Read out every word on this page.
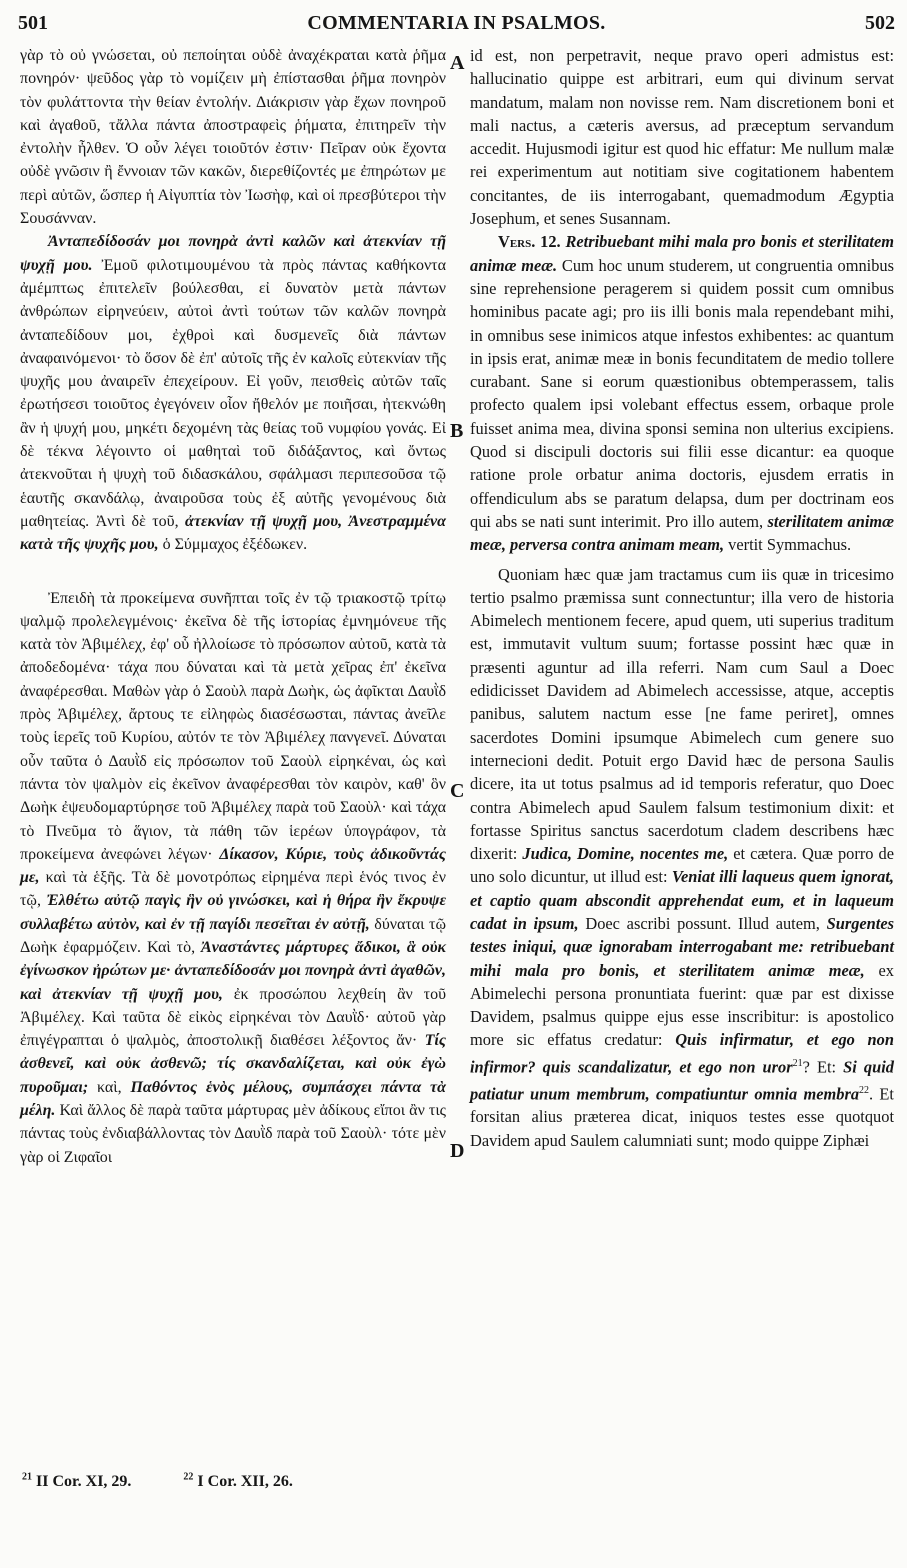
501	COMMENTARIA IN PSALMOS.	502

γὰρ τὸ οὐ γνώσεται, οὐ πεποίηται οὐδὲ ἀναχέκραται κατὰ ῥῆμα πονηρόν· ψεῦδος γὰρ τὸ νομίζειν μὴ ἐπίστασθαι ῥῆμα πονηρὸν τὸν φυλάττοντα τὴν θείαν ἐντολήν. Διάκρισιν γὰρ ἔχων πονηροῦ καὶ ἀγαθοῦ, τἄλλα πάντα ἀποστραφεὶς ῥήματα, ἐπιτηρεῖν τὴν ἐντολὴν ἦλθεν. Ὁ οὖν λέγει τοιοῦτόν ἐστιν· Πεῖραν οὐκ ἔχοντα οὐδὲ γνῶσιν ἢ ἔννοιαν τῶν κακῶν, διερεθίζοντές με ἐπηρώτων με περὶ αὐτῶν, ὥσπερ ἡ Αἰγυπτία τὸν Ἰωσὴφ, καὶ οἱ πρεσβύτεροι τὴν Σουσάνναν.

Ἀνταπεδίδοσάν μοι πονηρὰ ἀντὶ καλῶν καὶ ἀτεκνίαν τῇ ψυχῇ μου. Ἐμοῦ φιλοτιμουμένου τὰ πρὸς πάντας καθήκοντα ἀμέμπτως ἐπιτελεῖν βούλεσθαι, εἰ δυνατὸν μετὰ πάντων ἀνθρώπων εἰρηνεύειν, αὐτοὶ ἀντὶ τούτων τῶν καλῶν πονηρὰ ἀνταπεδίδουν μοι, ἐχθροὶ καὶ δυσμενεῖς διὰ πάντων ἀναφαινόμενοι· τὸ ὅσον δὲ ἐπ' αὐτοῖς τῆς ἐν καλοῖς εὐτεκνίαν τῆς ψυχῆς μου ἀναιρεῖν ἐπεχείρουν. Εἰ γοῦν, πεισθεὶς αὐτῶν ταῖς ἐρωτήσεσι τοιοῦτος ἐγεγόνειν οἷον ἤθελόν με ποιῆσαι, ἠτεκνώθη ἂν ἡ ψυχή μου, μηκέτι δεχομένη τὰς θείας τοῦ νυμφίου γονάς. Εἰ δὲ τέκνα λέγοιντο οἱ μαθηταὶ τοῦ διδάξαντος, καὶ ὄντως ἀτεκνοῦται ἡ ψυχὴ τοῦ διδασκάλου, σφάλμασι περιπεσοῦσα τῷ ἑαυτῆς σκανδάλῳ, ἀναιροῦσα τοὺς ἐξ αὐτῆς γενομένους διὰ μαθητείας. Ἀντὶ δὲ τοῦ, ἀτεκνίαν τῇ ψυχῇ μου, Ἀνεστραμμένα κατὰ τῆς ψυχῆς μου, ὁ Σύμμαχος ἐξέδωκεν.

Ἐπειδὴ τὰ προκείμενα συνῆπται τοῖς ἐν τῷ τριακοστῷ τρίτῳ ψαλμῷ προλελεγμένοις· ἐκεῖνα δὲ τῆς ἱστορίας ἐμνημόνευε τῆς κατὰ τὸν Ἀβιμέλεχ, ἐφ' οὗ ἠλλοίωσε τὸ πρόσωπον αὐτοῦ, κατὰ τὰ ἀποδεδομένα· τάχα που δύναται καὶ τὰ μετὰ χεῖρας ἐπ' ἐκεῖνα ἀναφέρεσθαι. Μαθὼν γὰρ ὁ Σαοὺλ παρὰ Δωὴκ, ὡς ἀφῖκται Δαυῒδ πρὸς Ἀβιμέλεχ, ἄρτους τε εἰληφὼς διασέσωσται, πάντας ἀνεῖλε τοὺς ἱερεῖς τοῦ Κυρίου, αὐτόν τε τὸν Ἀβιμέλεχ πανγενεῖ. Δύναται οὖν ταῦτα ὁ Δαυῒδ εἰς πρόσωπον τοῦ Σαοὺλ εἰρηκέναι, ὡς καὶ πάντα τὸν ψαλμὸν εἰς ἐκεῖνον ἀναφέρεσθαι τὸν καιρὸν, καθ' ὃν Δωὴκ ἐψευδομαρτύρησε τοῦ Ἀβιμέλεχ παρὰ τοῦ Σαοὺλ· καὶ τάχα τὸ Πνεῦμα τὸ ἅγιον, τὰ πάθη τῶν ἱερέων ὑπογράφον, τὰ προκείμενα ἀνεφώνει λέγων· Δίκασον, Κύριε, τοὺς ἀδικοῦντάς με, καὶ τὰ ἑξῆς. Τὰ δὲ μονοτρόπως εἰρημένα περὶ ἑνός τινος ἐν τῷ, Ἐλθέτω αὐτῷ παγὶς ἣν οὐ γινώσκει, καὶ ἡ θήρα ἣν ἔκρυψε συλλαβέτω αὐτὸν, καὶ ἐν τῇ παγίδι πεσεῖται ἐν αὐτῇ, δύναται τῷ Δωὴκ ἐφαρμόζειν. Καὶ τὸ, Ἀναστάντες μάρτυρες ἄδικοι, ἃ οὐκ ἐγίνωσκον ἠρώτων με· ἀνταπεδίδοσάν μοι πονηρὰ ἀντὶ ἀγαθῶν, καὶ ἀτεκνίαν τῇ ψυχῇ μου, ἐκ προσώπου λεχθείη ἂν τοῦ Ἀβιμέλεχ. Καὶ ταῦτα δὲ εἰκὸς εἰρηκέναι τὸν Δαυῒδ· αὐτοῦ γὰρ ἐπιγέγραπται ὁ ψαλμὸς, ἀποστολικῇ διαθέσει λέξοντος ἄν· Τίς ἀσθενεῖ, καὶ οὐκ ἀσθενῶ; τίς σκανδαλίζεται, καὶ οὐκ ἐγὼ πυροῦμαι; καὶ, Παθόντος ἑνὸς μέλους, συμπάσχει πάντα τὰ μέλη. Καὶ ἄλλος δὲ παρὰ ταῦτα μάρτυρας μὲν ἀδίκους εἴποι ἂν τις πάντας τοὺς ἐνδιαβάλλοντας τὸν Δαυῒδ παρὰ τοῦ Σαοὺλ· τότε μὲν γὰρ οἱ Ζιφαῖοι

A
B
C
D

id est, non perpetravit, neque pravo operi admistus est: hallucinatio quippe est arbitrari, eum qui divinum servat mandatum, malam non novisse rem. Nam discretionem boni et mali nactus, a cæteris aversus, ad præceptum servandum accedit. Hujusmodi igitur est quod hic effatur: Me nullum malæ rei experimentum aut notitiam sive cogitationem habentem concitantes, de iis interrogabant, quemadmodum Ægyptia Josephum, et senes Susannam.

Vers. 12. Retribuebant mihi mala pro bonis et sterilitatem animæ meæ. Cum hoc unum studerem, ut congruentia omnibus sine reprehensione peragerem si quidem possit cum omnibus hominibus pacate agi; pro iis illi bonis mala rependebant mihi, in omnibus sese inimicos atque infestos exhibentes: ac quantum in ipsis erat, animæ meæ in bonis fecunditatem de medio tollere curabant. Sane si eorum quæstionibus obtemperassem, talis profecto qualem ipsi volebant effectus essem, orbaque prole fuisset anima mea, divina sponsi semina non ulterius excipiens. Quod si discipuli doctoris sui filii esse dicantur: ea quoque ratione prole orbatur anima doctoris, ejusdem erratis in offendiculum abs se paratum delapsa, dum per doctrinam eos qui abs se nati sunt interimit. Pro illo autem, sterilitatem animæ meæ, perversa contra animam meam, vertit Symmachus.

Quoniam hæc quæ jam tractamus cum iis quæ in tricesimo tertio psalmo præmissa sunt connectuntur; illa vero de historia Abimelech mentionem fecere, apud quem, uti superius traditum est, immutavit vultum suum; fortasse possint hæc quæ in præsenti aguntur ad illa referri. Nam cum Saul a Doec edidicisset Davidem ad Abimelech accessisse, atque, acceptis panibus, salutem nactum esse [ne fame periret], omnes sacerdotes Domini ipsumque Abimelech cum genere suo internecioni dedit. Potuit ergo David hæc de persona Saulis dicere, ita ut totus psalmus ad id temporis referatur, quo Doec contra Abimelech apud Saulem falsum testimonium dixit: et fortasse Spiritus sanctus sacerdotum cladem describens hæc dixerit: Judica, Domine, nocentes me, et cætera. Quæ porro de uno solo dicuntur, ut illud est: Veniat illi laqueus quem ignorat, et captio quam abscondit apprehendat eum, et in laqueum cadat in ipsum, Doec ascribi possunt. Illud autem, Surgentes testes iniqui, quæ ignorabam interrogabant me: retribuebant mihi mala pro bonis, et sterilitatem animæ meæ, ex Abimelechi persona pronuntiata fuerint: quæ par est dixisse Davidem, psalmus quippe ejus esse inscribitur: is apostolico more sic effatus credatur: Quis infirmatur, et ego non infirmor? quis scandalizatur, et ego non uror$^{21}$? Et: Si quid patiatur unum membrum, compatiuntur omnia membra$^{22}$. Et forsitan alius præterea dicat, iniquos testes esse quotquot Davidem apud Saulem calumniati sunt; modo quippe Ziphæi

$^{21}$ II Cor. XI, 29.	$^{22}$ I Cor. XII, 26.
